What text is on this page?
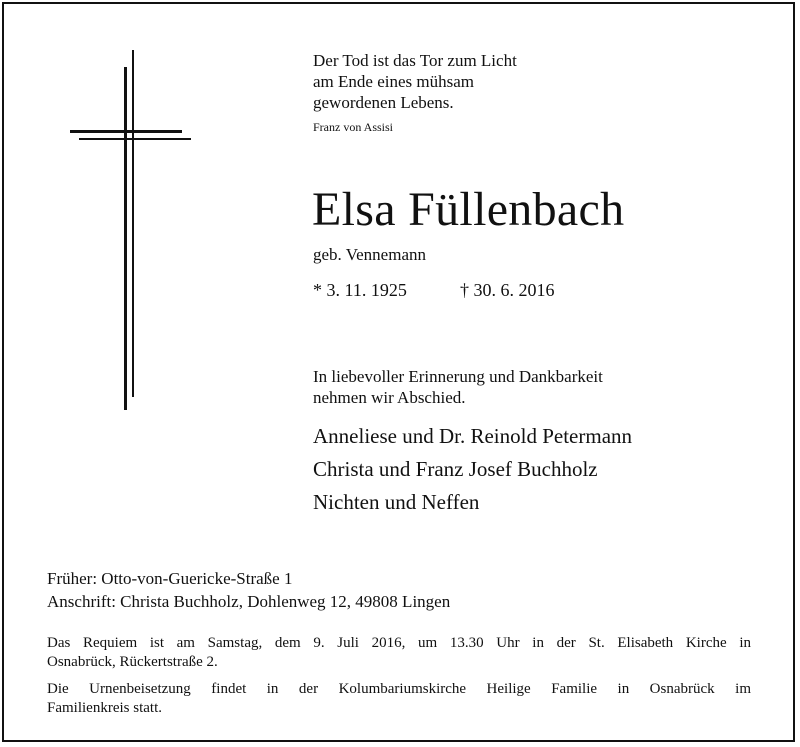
Der Tod ist das Tor zum Licht
am Ende eines mühsam
gewordenen Lebens.
Franz von Assisi
Elsa Füllenbach
geb. Vennemann
* 3. 11. 1925	† 30. 6. 2016
In liebevoller Erinnerung und Dankbarkeit
nehmen wir Abschied.
Anneliese und Dr. Reinold Petermann
Christa und Franz Josef Buchholz
Nichten und Neffen
Früher: Otto-von-Guericke-Straße 1
Anschrift: Christa Buchholz, Dohlenweg 12, 49808 Lingen
Das Requiem ist am Samstag, dem 9. Juli 2016, um 13.30 Uhr in der St. Elisabeth Kirche in
Osnabrück, Rückertstraße 2.
Die Urnenbeisetzung findet in der Kolumbariumskirche Heilige Familie in Osnabrück im
Familienkreis statt.
